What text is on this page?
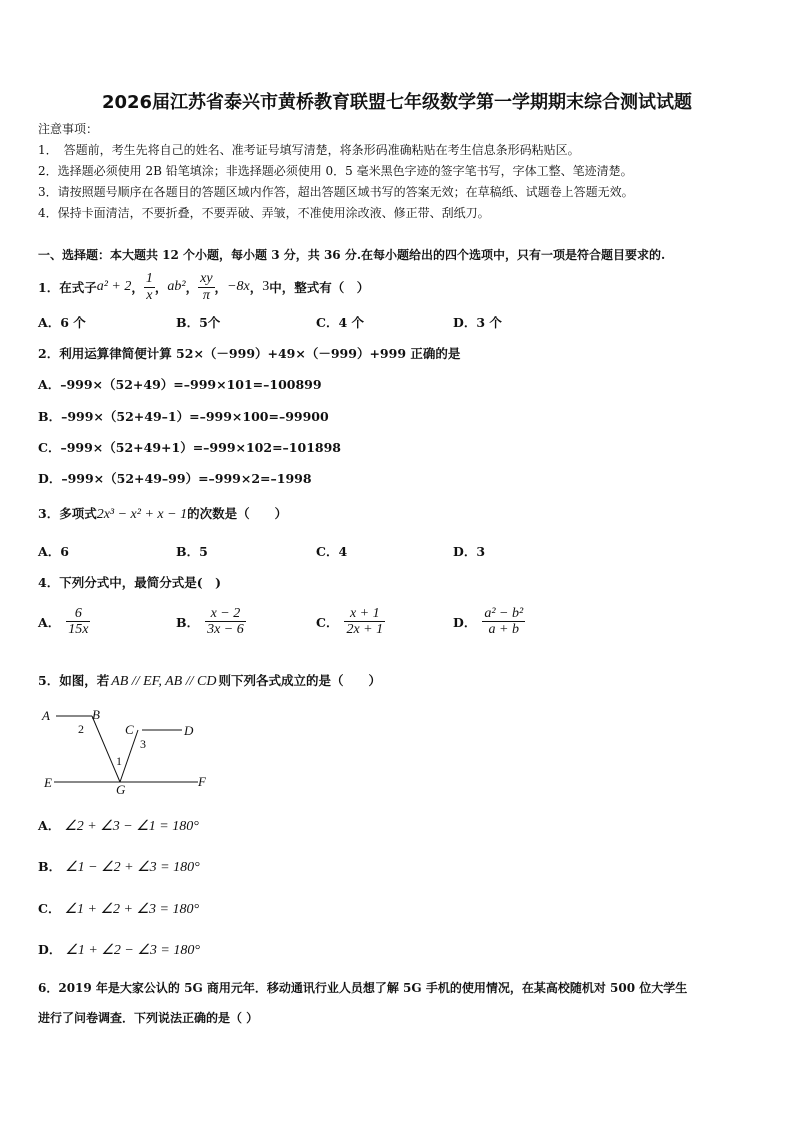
2026届江苏省泰兴市黄桥教育联盟七年级数学第一学期期末综合测试试题
注意事项：
1．　答题前，考生先将自己的姓名、准考证号填写清楚，将条形码准确粘贴在考生信息条形码粘贴区。
2．选择题必须使用 2B 铅笔填涂；非选择题必须使用 0．5 毫米黑色字迹的签字笔书写，字体工整、笔迹清楚。
3．请按照题号顺序在各题目的答题区域内作答，超出答题区域书写的答案无效；在草稿纸、试题卷上答题无效。
4．保持卡面清洁，不要折叠，不要弄破、弄皱，不准使用涂改液、修正带、刮纸刀。
一、选择题：本大题共 12 个小题，每小题 3 分，共 36 分.在每小题给出的四个选项中，只有一项是符合题目要求的.
1．在式子 a² + 2 ， $\frac{1}{x}$ ， ab² ， $\frac{xy}{\pi}$ ， −8x ， 3 中，整式有（　）
A．6 个	B．5个	C．4 个	D．3 个
2．利用运算律简便计算 52×（－999）+49×（－999）+999 正确的是
A．–999×（52+49）=–999×101=–100899
B．–999×（52+49–1）=–999×100=–99900
C．–999×（52+49+1）=–999×102=–101898
D．–999×（52+49–99）=–999×2=–1998
3．多项式 2x³ − x² + x − 1 的次数是（　　）
A．6	B．5	C．4	D．3
4．下列分式中，最简分式是(　)
A． $\frac{6}{15x}$	B． $\frac{x - 2}{3x - 6}$	C． $\frac{x + 1}{2x + 1}$	D． $\frac{\text{a² − b²}}{a + b}$
5．如图，若 AB // EF, AB // CD 则下列各式成立的是（　　）
A	B
C	D
E	F
G
2
3
1
A． ∠2 + ∠3 − ∠1 = 180°
B． ∠1 − ∠2 + ∠3 = 180°
C． ∠1 + ∠2 + ∠3 = 180°
D． ∠1 + ∠2 − ∠3 = 180°
6．2019 年是大家公认的 5G 商用元年．移动通讯行业人员想了解 5G 手机的使用情况，在某高校随机对 500 位大学生
进行了问卷调查．下列说法正确的是（ ）
